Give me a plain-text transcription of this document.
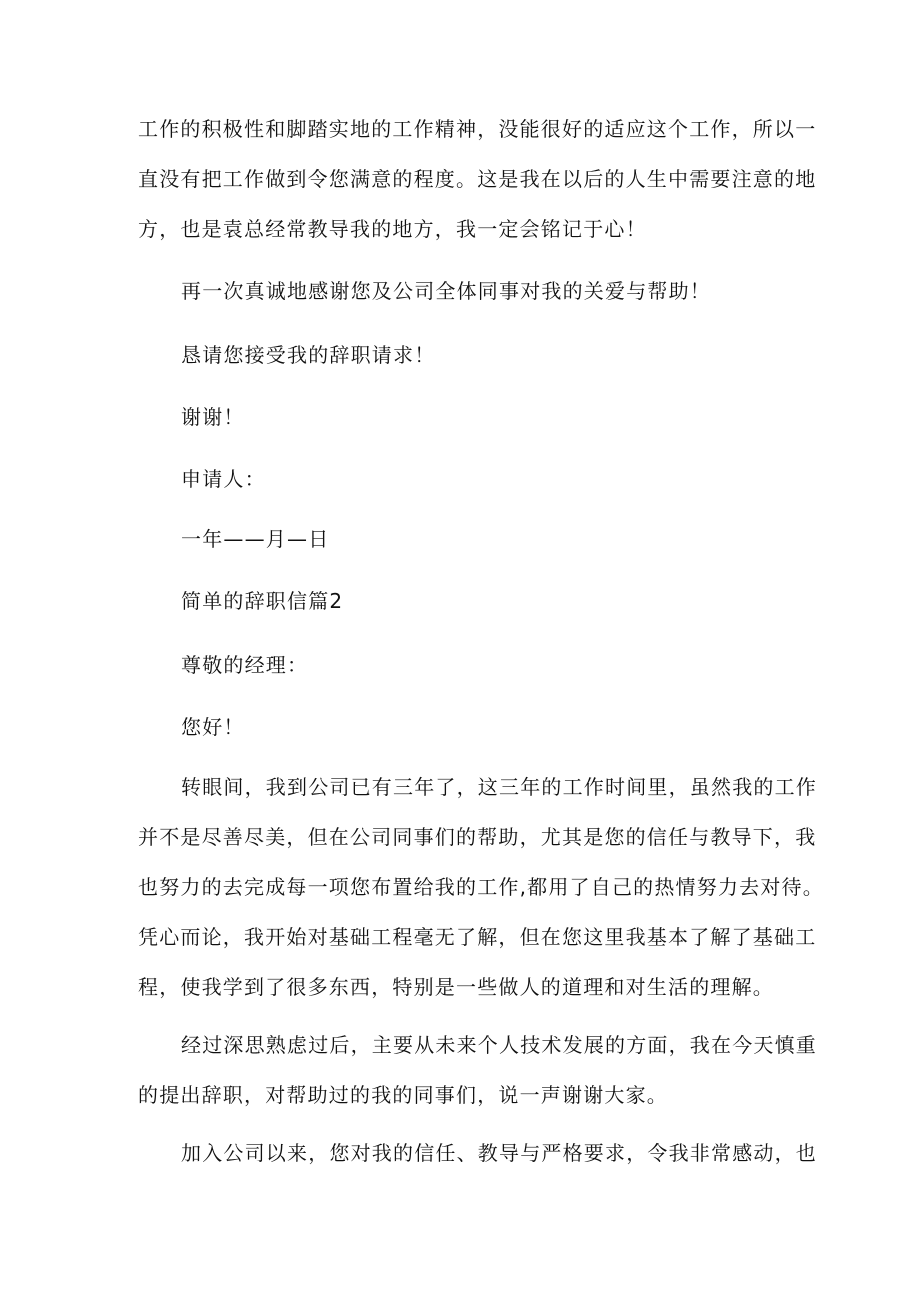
工作的积极性和脚踏实地的工作精神，没能很好的适应这个工作，所以一
直没有把工作做到令您满意的程度。这是我在以后的人生中需要注意的地
方，也是袁总经常教导我的地方，我一定会铭记于心！

再一次真诚地感谢您及公司全体同事对我的关爱与帮助！

恳请您接受我的辞职请求！

谢谢！

申请人：

一年——月—日

简单的辞职信篇2

尊敬的经理：

您好！

转眼间，我到公司已有三年了，这三年的工作时间里，虽然我的工作
并不是尽善尽美，但在公司同事们的帮助，尤其是您的信任与教导下，我
也努力的去完成每一项您布置给我的工作,都用了自己的热情努力去对待。
凭心而论，我开始对基础工程毫无了解，但在您这里我基本了解了基础工
程，使我学到了很多东西，特别是一些做人的道理和对生活的理解。

经过深思熟虑过后，主要从未来个人技术发展的方面，我在今天慎重
的提出辞职，对帮助过的我的同事们，说一声谢谢大家。

加入公司以来，您对我的信任、教导与严格要求，令我非常感动，也
